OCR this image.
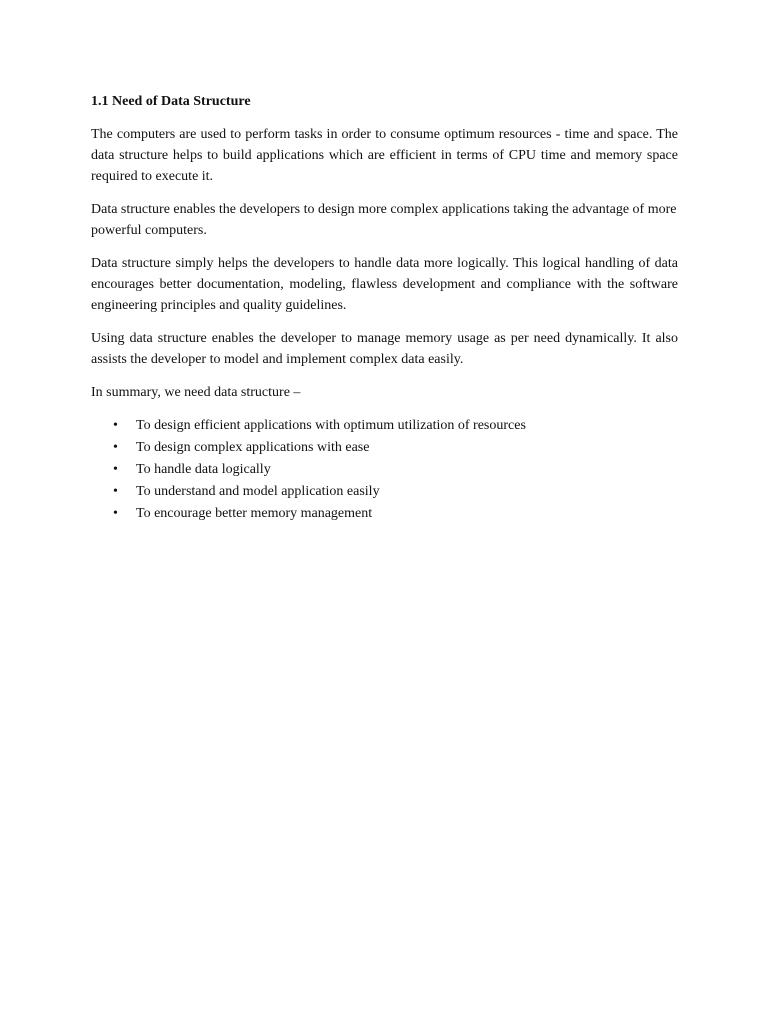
1.1 Need of Data Structure

The computers are used to perform tasks in order to consume optimum resources - time and space. The data structure helps to build applications which are efficient in terms of CPU time and memory space required to execute it.

Data structure enables the developers to design more complex applications taking the advantage of more powerful computers.

Data structure simply helps the developers to handle data more logically. This logical handling of data encourages better documentation, modeling, flawless development and compliance with the software engineering principles and quality guidelines.

Using data structure enables the developer to manage memory usage as per need dynamically. It also assists the developer to model and implement complex data easily.

In summary, we need data structure –

•	To design efficient applications with optimum utilization of resources
•	To design complex applications with ease
•	To handle data logically
•	To understand and model application easily
•	To encourage better memory management
